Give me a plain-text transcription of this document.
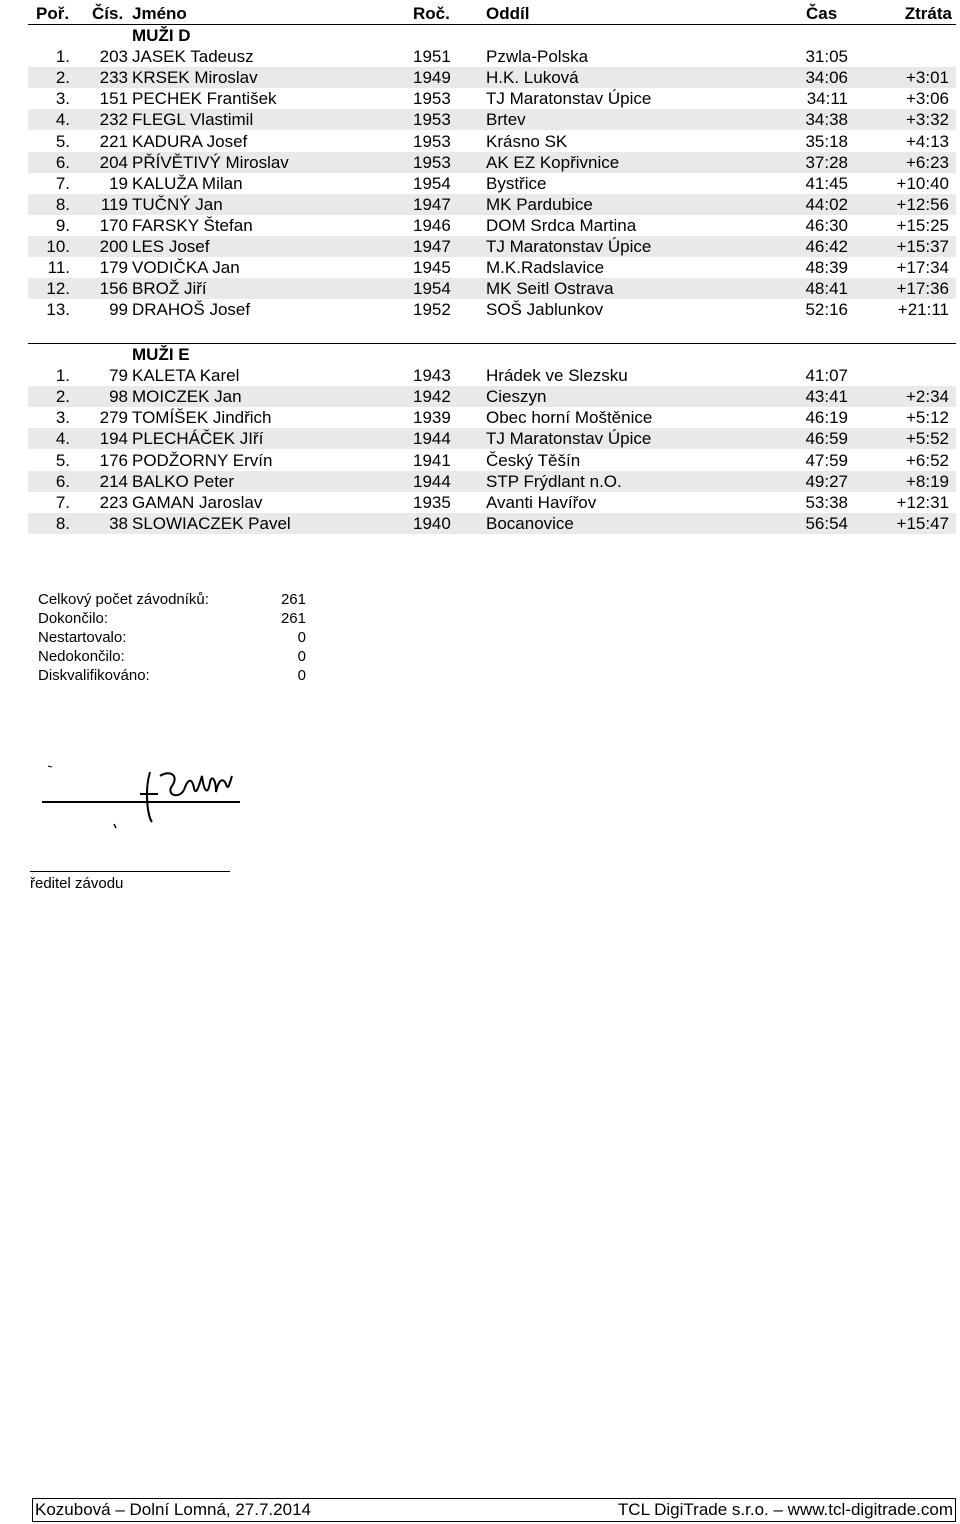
Poř. Čís. Jméno	Roč. Oddíl	Čas	Ztráta
MUŽI D
1.	203 JASEK Tadeusz	1951 Pzwla-Polska	31:05
2.	233 KRSEK Miroslav	1949 H.K. Luková	34:06	+3:01
3.	151 PECHEK František	1953 TJ Maratonstav Úpice	34:11	+3:06
4.	232 FLEGL Vlastimil	1953 Brtev	34:38	+3:32
5.	221 KADURA Josef	1953 Krásno SK	35:18	+4:13
6.	204 PŘÍVĚTIVÝ Miroslav	1953 AK EZ Kopřivnice	37:28	+6:23
7.	19 KALUŽA Milan	1954 Bystřice	41:45	+10:40
8.	119 TUČNÝ Jan	1947 MK Pardubice	44:02	+12:56
9.	170 FARSKY Štefan	1946 DOM Srdca Martina	46:30	+15:25
10.	200 LES Josef	1947 TJ Maratonstav Úpice	46:42	+15:37
11.	179 VODIČKA Jan	1945 M.K.Radslavice	48:39	+17:34
12.	156 BROŽ Jiří	1954 MK Seitl Ostrava	48:41	+17:36
13.	99 DRAHOŠ Josef	1952 SOŠ Jablunkov	52:16	+21:11
MUŽI E
1.	79 KALETA Karel	1943 Hrádek ve Slezsku	41:07
2.	98 MOICZEK Jan	1942 Cieszyn	43:41	+2:34
3.	279 TOMÍŠEK Jindřich	1939 Obec horní Moštěnice	46:19	+5:12
4.	194 PLECHÁČEK JIří	1944 TJ Maratonstav Úpice	46:59	+5:52
5.	176 PODŽORNY Ervín	1941 Český Těšín	47:59	+6:52
6.	214 BALKO Peter	1944 STP Frýdlant n.O.	49:27	+8:19
7.	223 GAMAN Jaroslav	1935 Avanti Havířov	53:38	+12:31
8.	38 SLOWIACZEK Pavel	1940 Bocanovice	56:54	+15:47
Celkový počet závodníků:	261
Dokončilo:	261
Nestartovalo:	0
Nedokončilo:	0
Diskvalifikováno:	0
ředitel závodu
Kozubová – Dolní Lomná, 27.7.2014	TCL DigiTrade s.r.o. – www.tcl-digitrade.com
